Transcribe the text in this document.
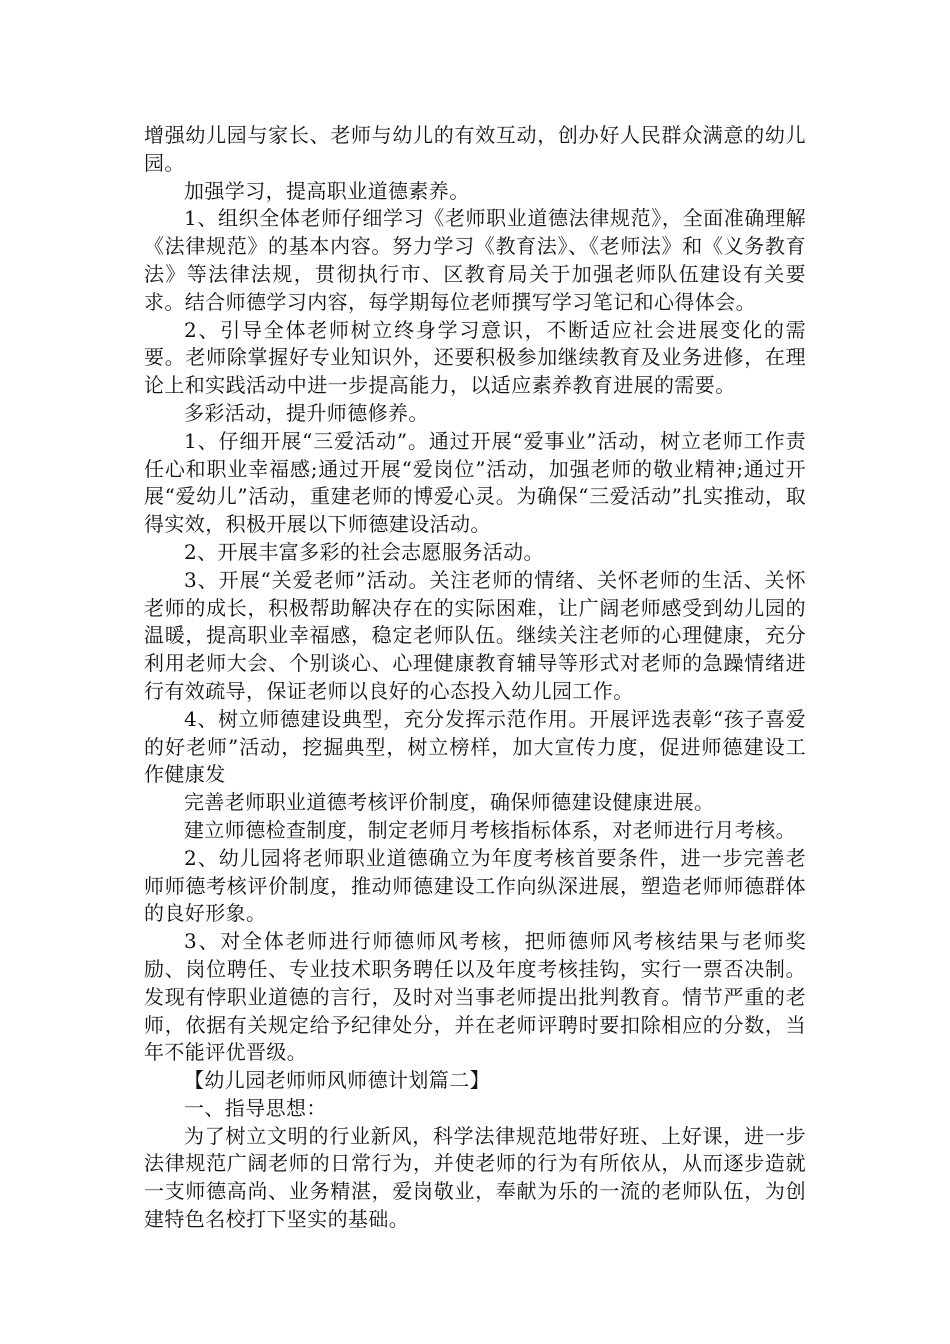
增强幼儿园与家长、老师与幼儿的有效互动，创办好人民群众满意的幼儿园。

加强学习，提高职业道德素养。

1、组织全体老师仔细学习《老师职业道德法律规范》，全面准确理解《法律规范》的基本内容。努力学习《教育法》、《老师法》和《义务教育法》等法律法规，贯彻执行市、区教育局关于加强老师队伍建设有关要求。结合师德学习内容，每学期每位老师撰写学习笔记和心得体会。

2、引导全体老师树立终身学习意识，不断适应社会进展变化的需要。老师除掌握好专业知识外，还要积极参加继续教育及业务进修，在理论上和实践活动中进一步提高能力，以适应素养教育进展的需要。

多彩活动，提升师德修养。

1、仔细开展“三爱活动”。通过开展“爱事业”活动，树立老师工作责任心和职业幸福感;通过开展“爱岗位”活动，加强老师的敬业精神;通过开展“爱幼儿”活动，重建老师的博爱心灵。为确保“三爱活动”扎实推动，取得实效，积极开展以下师德建设活动。

2、开展丰富多彩的社会志愿服务活动。

3、开展“关爱老师”活动。关注老师的情绪、关怀老师的生活、关怀老师的成长，积极帮助解决存在的实际困难，让广阔老师感受到幼儿园的温暖，提高职业幸福感，稳定老师队伍。继续关注老师的心理健康，充分利用老师大会、个别谈心、心理健康教育辅导等形式对老师的急躁情绪进行有效疏导，保证老师以良好的心态投入幼儿园工作。

4、树立师德建设典型，充分发挥示范作用。开展评选表彰“孩子喜爱的好老师”活动，挖掘典型，树立榜样，加大宣传力度，促进师德建设工作健康发

完善老师职业道德考核评价制度，确保师德建设健康进展。

建立师德检查制度，制定老师月考核指标体系，对老师进行月考核。

2、幼儿园将老师职业道德确立为年度考核首要条件，进一步完善老师师德考核评价制度，推动师德建设工作向纵深进展，塑造老师师德群体的良好形象。

3、对全体老师进行师德师风考核，把师德师风考核结果与老师奖励、岗位聘任、专业技术职务聘任以及年度考核挂钩，实行一票否决制。发现有悖职业道德的言行，及时对当事老师提出批判教育。情节严重的老师，依据有关规定给予纪律处分，并在老师评聘时要扣除相应的分数，当年不能评优晋级。

【幼儿园老师师风师德计划篇二】

一、指导思想：

为了树立文明的行业新风，科学法律规范地带好班、上好课，进一步法律规范广阔老师的日常行为，并使老师的行为有所依从，从而逐步造就一支师德高尚、业务精湛，爱岗敬业，奉献为乐的一流的老师队伍，为创建特色名校打下坚实的基础。
